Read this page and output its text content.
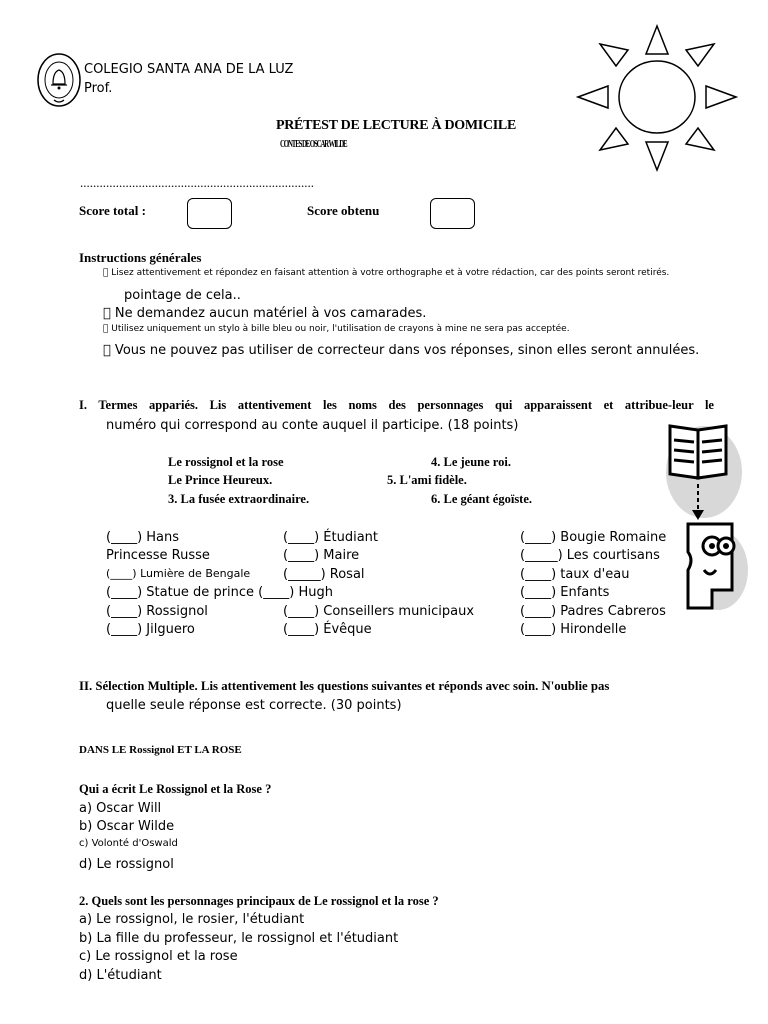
COLEGIO SANTA ANA DE LA LUZ
Prof.
PRÉTEST DE LECTURE À DOMICILE
CONTES DE OSCAR WILDE
........................................................................
Score total :	Score obtenu
Instructions générales
Lisez attentivement et répondez en faisant attention à votre orthographe et à votre rédaction, car des points seront retirés.
pointage de cela..
Ne demandez aucun matériel à vos camarades.
Utilisez uniquement un stylo à bille bleu ou noir, l'utilisation de crayons à mine ne sera pas acceptée.
Vous ne pouvez pas utiliser de correcteur dans vos réponses, sinon elles seront annulées.
I. Termes appariés. Lis attentivement les noms des personnages qui apparaissent et attribue-leur le
numéro qui correspond au conte auquel il participe. (18 points)
Le rossignol et la rose
Le Prince Heureux.
3. La fusée extraordinaire.
4. Le jeune roi.
5. L'ami fidèle.
6. Le géant égoïste.
(____) Hans
Princesse Russe
(____) Lumière de Bengale
(____) Statue de prince (____) Hugh
(____) Rossignol
(____) Jilguero
(____) Étudiant
(____) Maire
(_____) Rosal
(____) Conseillers municipaux
(____) Évêque
(____) Bougie Romaine
(_____) Les courtisans
(____) taux d'eau
(____) Enfants
(____) Padres Cabreros
(____) Hirondelle
II. Sélection Multiple. Lis attentivement les questions suivantes et réponds avec soin. N'oublie pas
quelle seule réponse est correcte. (30 points)
DANS LE Rossignol ET LA ROSE
Qui a écrit Le Rossignol et la Rose ?
a) Oscar Will
b) Oscar Wilde
c) Volonté d'Oswald
d) Le rossignol
2. Quels sont les personnages principaux de Le rossignol et la rose ?
a) Le rossignol, le rosier, l'étudiant
b) La fille du professeur, le rossignol et l'étudiant
c) Le rossignol et la rose
d) L'étudiant
